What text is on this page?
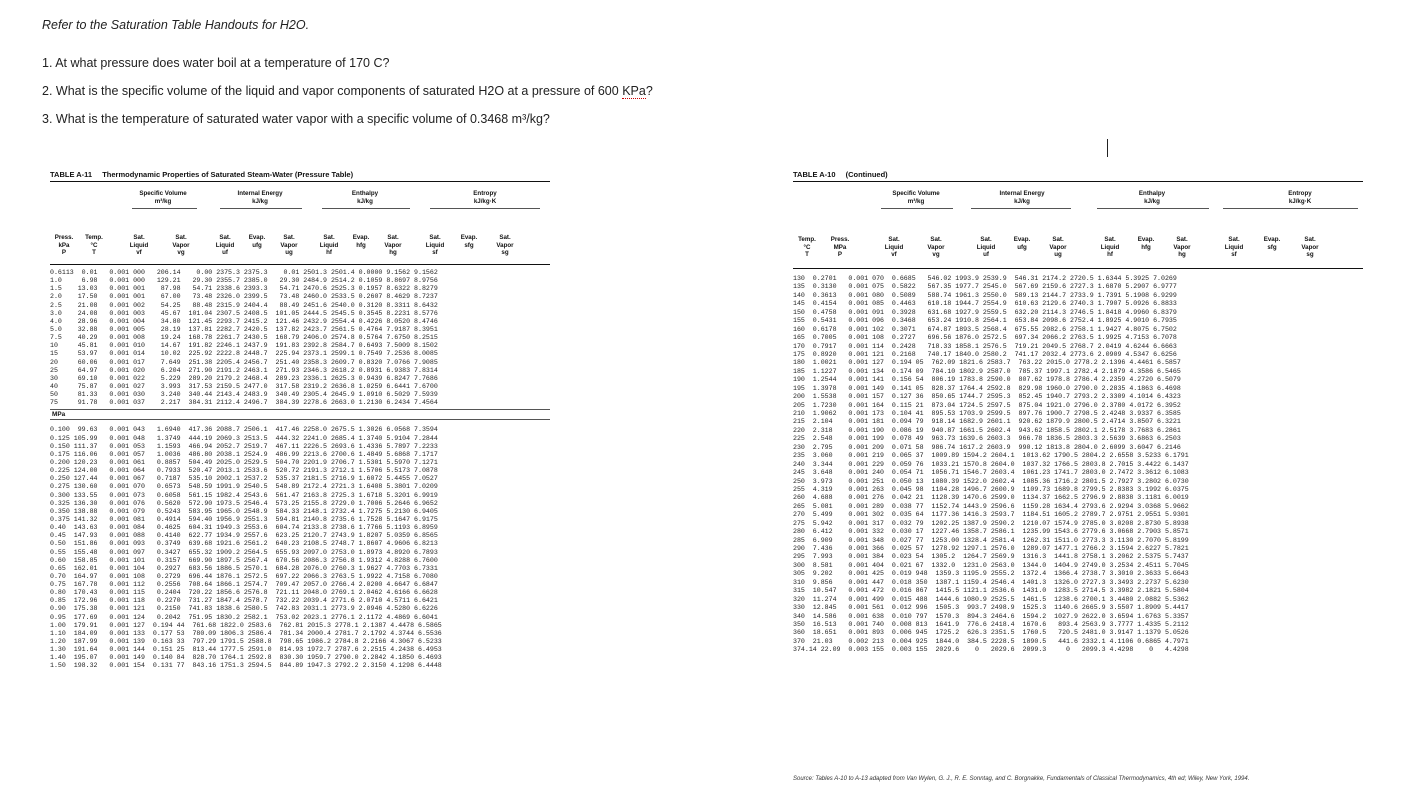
Refer to the Saturation Table Handouts for H2O.
1. At what pressure does water boil at a temperature of 170 C?
2. What is the specific volume of the liquid and vapor components of saturated H2O at a pressure of 600 KPa?
3. What is the temperature of saturated water vapor with a specific volume of 0.3468 m³/kg?
TABLE A-11 Thermodynamic Properties of Saturated Steam-Water (Pressure Table)
Specific Volume
m³/kg
Internal Energy
kJ/kg
Enthalpy
kJ/kg
Entropy
kJ/kg·K
Press.
kPa
P
Temp.
°C
T
Sat.
Liquid
vf
Sat.
Vapor
vg
Sat.
Liquid
uf
Evap.
ufg
Sat.
Vapor
ug
Sat.
Liquid
hf
Evap.
hfg
Sat.
Vapor
hg
Sat.
Liquid
sf
Evap.
sfg
Sat.
Vapor
sg
0.6113  0.01   0.001 000   206.14    0.00 2375.3 2375.3    0.01 2501.3 2501.4 0.0000 9.1562 9.1562
1.0     6.98   0.001 000   129.21   29.30 2355.7 2385.0   29.30 2484.9 2514.2 0.1059 8.8697 8.9756
1.5    13.03   0.001 001    87.98   54.71 2338.6 2393.3   54.71 2470.6 2525.3 0.1957 8.6322 8.8279
2.0    17.50   0.001 001    67.00   73.48 2326.0 2399.5   73.48 2460.0 2533.5 0.2607 8.4629 8.7237
2.5    21.08   0.001 002    54.25   88.48 2315.9 2404.4   88.49 2451.6 2540.0 0.3120 8.3311 8.6432
3.0    24.08   0.001 003    45.67  101.04 2307.5 2408.5  101.05 2444.5 2545.5 0.3545 8.2231 8.5776
4.0    28.96   0.001 004    34.80  121.45 2293.7 2415.2  121.46 2432.9 2554.4 0.4226 8.0520 8.4746
5.0    32.88   0.001 005    28.19  137.81 2282.7 2420.5  137.82 2423.7 2561.5 0.4764 7.9187 8.3951
7.5    40.29   0.001 008    19.24  168.78 2261.7 2430.5  168.79 2406.0 2574.8 0.5764 7.6750 8.2515
10     45.81   0.001 010    14.67  191.82 2246.1 2437.9  191.83 2392.8 2584.7 0.6493 7.5009 8.1502
15     53.97   0.001 014    10.02  225.92 2222.8 2448.7  225.94 2373.1 2599.1 0.7549 7.2536 8.0085
20     60.06   0.001 017    7.649  251.38 2205.4 2456.7  251.40 2358.3 2609.7 0.8320 7.0766 7.9085
25     64.97   0.001 020    6.204  271.90 2191.2 2463.1  271.93 2346.3 2618.2 0.8931 6.9383 7.8314
30     69.10   0.001 022    5.229  289.20 2179.2 2468.4  289.23 2336.1 2625.3 0.9439 6.8247 7.7686
40     75.87   0.001 027    3.993  317.53 2159.5 2477.0  317.58 2319.2 2636.8 1.0259 6.6441 7.6700
50     81.33   0.001 030    3.240  340.44 2143.4 2483.9  340.49 2305.4 2645.9 1.0910 6.5029 7.5939
75     91.78   0.001 037    2.217  384.31 2112.4 2496.7  384.39 2278.6 2663.0 1.2130 6.2434 7.4564
MPa
0.100  99.63   0.001 043   1.6940  417.36 2088.7 2506.1  417.46 2258.0 2675.5 1.3026 6.0568 7.3594
0.125 105.99   0.001 048   1.3749  444.19 2069.3 2513.5  444.32 2241.0 2685.4 1.3740 5.9104 7.2844
0.150 111.37   0.001 053   1.1593  466.94 2052.7 2519.7  467.11 2226.5 2693.6 1.4336 5.7897 7.2233
0.175 116.06   0.001 057   1.0036  486.80 2038.1 2524.9  486.99 2213.6 2700.6 1.4849 5.6868 7.1717
0.200 120.23   0.001 061   0.8857  504.49 2025.0 2529.5  504.70 2201.9 2706.7 1.5301 5.5970 7.1271
0.225 124.00   0.001 064   0.7933  520.47 2013.1 2533.6  520.72 2191.3 2712.1 1.5706 5.5173 7.0878
0.250 127.44   0.001 067   0.7187  535.10 2002.1 2537.2  535.37 2181.5 2716.9 1.6072 5.4455 7.0527
0.275 130.60   0.001 070   0.6573  548.59 1991.9 2540.5  548.89 2172.4 2721.3 1.6408 5.3801 7.0209
0.300 133.55   0.001 073   0.6058  561.15 1982.4 2543.6  561.47 2163.8 2725.3 1.6718 5.3201 6.9919
0.325 136.30   0.001 076   0.5620  572.90 1973.5 2546.4  573.25 2155.8 2729.0 1.7006 5.2646 6.9652
0.350 138.88   0.001 079   0.5243  583.95 1965.0 2548.9  584.33 2148.1 2732.4 1.7275 5.2130 6.9405
0.375 141.32   0.001 081   0.4914  594.40 1956.9 2551.3  594.81 2140.8 2735.6 1.7528 5.1647 6.9175
0.40  143.63   0.001 084   0.4625  604.31 1949.3 2553.6  604.74 2133.8 2738.6 1.7766 5.1193 6.8959
0.45  147.93   0.001 088   0.4140  622.77 1934.9 2557.6  623.25 2120.7 2743.9 1.8207 5.0359 6.8565
0.50  151.86   0.001 093   0.3749  639.68 1921.6 2561.2  640.23 2108.5 2748.7 1.8607 4.9606 6.8213
0.55  155.48   0.001 097   0.3427  655.32 1909.2 2564.5  655.93 2097.0 2753.0 1.8973 4.8920 6.7893
0.60  158.85   0.001 101   0.3157  669.90 1897.5 2567.4  670.56 2086.3 2756.8 1.9312 4.8288 6.7600
0.65  162.01   0.001 104   0.2927  683.56 1886.5 2570.1  684.28 2076.0 2760.3 1.9627 4.7703 6.7331
0.70  164.97   0.001 108   0.2729  696.44 1876.1 2572.5  697.22 2066.3 2763.5 1.9922 4.7158 6.7080
0.75  167.78   0.001 112   0.2556  708.64 1866.1 2574.7  709.47 2057.0 2766.4 2.0200 4.6647 6.6847
0.80  170.43   0.001 115   0.2404  720.22 1856.6 2576.8  721.11 2048.0 2769.1 2.0462 4.6166 6.6628
0.85  172.96   0.001 118   0.2270  731.27 1847.4 2578.7  732.22 2039.4 2771.6 2.0710 4.5711 6.6421
0.90  175.38   0.001 121   0.2150  741.83 1838.6 2580.5  742.83 2031.1 2773.9 2.0946 4.5280 6.6226
0.95  177.69   0.001 124   0.2042  751.95 1830.2 2582.1  753.02 2023.1 2776.1 2.1172 4.4869 6.6041
1.00  179.91   0.001 127  0.194 44  761.68 1822.0 2583.6  762.81 2015.3 2778.1 2.1387 4.4478 6.5865
1.10  184.09   0.001 133  0.177 53  780.09 1806.3 2586.4  781.34 2000.4 2781.7 2.1792 4.3744 6.5536
1.20  187.99   0.001 139  0.163 33  797.29 1791.5 2588.8  798.65 1986.2 2784.8 2.2166 4.3067 6.5233
1.30  191.64   0.001 144  0.151 25  813.44 1777.5 2591.0  814.93 1972.7 2787.6 2.2515 4.2438 6.4953
1.40  195.07   0.001 149  0.140 84  828.70 1764.1 2592.8  830.30 1959.7 2790.0 2.2842 4.1850 6.4693
1.50  198.32   0.001 154  0.131 77  843.16 1751.3 2594.5  844.89 1947.3 2792.2 2.3150 4.1298 6.4448
TABLE A-10 (Continued)
Specific Volume
m³/kg
Internal Energy
kJ/kg
Enthalpy
kJ/kg
Entropy
kJ/kg·K
Temp.
°C
T
Press.
MPa
P
Sat.
Liquid
vf
Sat.
Vapor
vg
Sat.
Liquid
uf
Evap.
ufg
Sat.
Vapor
ug
Sat.
Liquid
hf
Evap.
hfg
Sat.
Vapor
hg
Sat.
Liquid
sf
Evap.
sfg
Sat.
Vapor
sg
130  0.2701   0.001 070  0.6685   546.02 1993.9 2539.9  546.31 2174.2 2720.5 1.6344 5.3925 7.0269
135  0.3130   0.001 075  0.5822   567.35 1977.7 2545.0  567.69 2159.6 2727.3 1.6870 5.2907 6.9777
140  0.3613   0.001 080  0.5089   588.74 1961.3 2550.0  589.13 2144.7 2733.9 1.7391 5.1908 6.9299
145  0.4154   0.001 085  0.4463   610.18 1944.7 2554.9  610.63 2129.6 2740.3 1.7907 5.0926 6.8833
150  0.4758   0.001 091  0.3928   631.68 1927.9 2559.5  632.20 2114.3 2746.5 1.8418 4.9960 6.8379
155  0.5431   0.001 096  0.3468   653.24 1910.8 2564.1  653.84 2098.6 2752.4 1.8925 4.9010 6.7935
160  0.6178   0.001 102  0.3071   674.87 1893.5 2568.4  675.55 2082.6 2758.1 1.9427 4.8075 6.7502
165  0.7005   0.001 108  0.2727   696.56 1876.0 2572.5  697.34 2066.2 2763.5 1.9925 4.7153 6.7078
170  0.7917   0.001 114  0.2428   718.33 1858.1 2576.5  719.21 2049.5 2768.7 2.0419 4.6244 6.6663
175  0.8920   0.001 121  0.2168   740.17 1840.0 2580.2  741.17 2032.4 2773.6 2.0909 4.5347 6.6256
180  1.0021   0.001 127  0.194 05  762.09 1821.6 2583.7  763.22 2015.0 2778.2 2.1396 4.4461 6.5857
185  1.1227   0.001 134  0.174 09  784.10 1802.9 2587.0  785.37 1997.1 2782.4 2.1879 4.3586 6.5465
190  1.2544   0.001 141  0.156 54  806.19 1783.8 2590.0  807.62 1978.8 2786.4 2.2359 4.2720 6.5079
195  1.3978   0.001 149  0.141 05  828.37 1764.4 2592.8  829.98 1960.0 2790.0 2.2835 4.1863 6.4698
200  1.5538   0.001 157  0.127 36  850.65 1744.7 2595.3  852.45 1940.7 2793.2 2.3309 4.1014 6.4323
205  1.7230   0.001 164  0.115 21  873.04 1724.5 2597.5  875.04 1921.0 2796.0 2.3780 4.0172 6.3952
210  1.9062   0.001 173  0.104 41  895.53 1703.9 2599.5  897.76 1900.7 2798.5 2.4248 3.9337 6.3585
215  2.104    0.001 181  0.094 79  918.14 1682.9 2601.1  920.62 1879.9 2800.5 2.4714 3.8507 6.3221
220  2.318    0.001 190  0.086 19  940.87 1661.5 2602.4  943.62 1858.5 2802.1 2.5178 3.7683 6.2861
225  2.548    0.001 199  0.078 49  963.73 1639.6 2603.3  966.78 1836.5 2803.3 2.5639 3.6863 6.2503
230  2.795    0.001 209  0.071 58  986.74 1617.2 2603.9  990.12 1813.8 2804.0 2.6099 3.6047 6.2146
235  3.060    0.001 219  0.065 37  1009.89 1594.2 2604.1  1013.62 1790.5 2804.2 2.6558 3.5233 6.1791
240  3.344    0.001 229  0.059 76  1033.21 1570.8 2604.0  1037.32 1766.5 2803.8 2.7015 3.4422 6.1437
245  3.648    0.001 240  0.054 71  1056.71 1546.7 2603.4  1061.23 1741.7 2803.0 2.7472 3.3612 6.1083
250  3.973    0.001 251  0.050 13  1080.39 1522.0 2602.4  1085.36 1716.2 2801.5 2.7927 3.2802 6.0730
255  4.319    0.001 263  0.045 98  1104.28 1496.7 2600.9  1109.73 1689.8 2799.5 2.8383 3.1992 6.0375
260  4.688    0.001 276  0.042 21  1128.39 1470.6 2599.0  1134.37 1662.5 2796.9 2.8838 3.1181 6.0019
265  5.081    0.001 289  0.038 77  1152.74 1443.9 2596.6  1159.28 1634.4 2793.6 2.9294 3.0368 5.9662
270  5.499    0.001 302  0.035 64  1177.36 1416.3 2593.7  1184.51 1605.2 2789.7 2.9751 2.9551 5.9301
275  5.942    0.001 317  0.032 79  1202.25 1387.9 2590.2  1210.07 1574.9 2785.0 3.0208 2.8730 5.8938
280  6.412    0.001 332  0.030 17  1227.46 1358.7 2586.1  1235.99 1543.6 2779.6 3.0668 2.7903 5.8571
285  6.909    0.001 348  0.027 77  1253.00 1328.4 2581.4  1262.31 1511.0 2773.3 3.1130 2.7070 5.8199
290  7.436    0.001 366  0.025 57  1278.92 1297.1 2576.0  1289.07 1477.1 2766.2 3.1594 2.6227 5.7821
295  7.993    0.001 384  0.023 54  1305.2  1264.7 2569.9  1316.3  1441.8 2758.1 3.2062 2.5375 5.7437
300  8.581    0.001 404  0.021 67  1332.0  1231.0 2563.0  1344.0  1404.9 2749.0 3.2534 2.4511 5.7045
305  9.202    0.001 425  0.019 948  1359.3 1195.9 2555.2  1372.4  1366.4 2738.7 3.3010 2.3633 5.6643
310  9.856    0.001 447  0.018 350  1387.1 1159.4 2546.4  1401.3  1326.0 2727.3 3.3493 2.2737 5.6230
315  10.547   0.001 472  0.016 867  1415.5 1121.1 2536.6  1431.0  1283.5 2714.5 3.3982 2.1821 5.5804
320  11.274   0.001 499  0.015 488  1444.6 1080.9 2525.5  1461.5  1238.6 2700.1 3.4480 2.0882 5.5362
330  12.845   0.001 561  0.012 996  1505.3  993.7 2498.9  1525.3  1140.6 2665.9 3.5507 1.8909 5.4417
340  14.586   0.001 638  0.010 797  1570.3  894.3 2464.6  1594.2  1027.9 2622.0 3.6594 1.6763 5.3357
350  16.513   0.001 740  0.008 813  1641.9  776.6 2418.4  1670.6   893.4 2563.9 3.7777 1.4335 5.2112
360  18.651   0.001 893  0.006 945  1725.2  626.3 2351.5  1760.5   720.5 2481.0 3.9147 1.1379 5.0526
370  21.03    0.002 213  0.004 925  1844.0  384.5 2228.5  1890.5   441.6 2332.1 4.1106 0.6865 4.7971
374.14 22.09  0.003 155  0.003 155  2029.6    0   2029.6  2099.3     0   2099.3 4.4298    0   4.4298
Source: Tables A-10 to A-13 adapted from Van Wylen, G. J., R. E. Sonntag, and C. Borgnakke, Fundamentals of Classical Thermodynamics, 4th ed; Wiley, New York, 1994.
